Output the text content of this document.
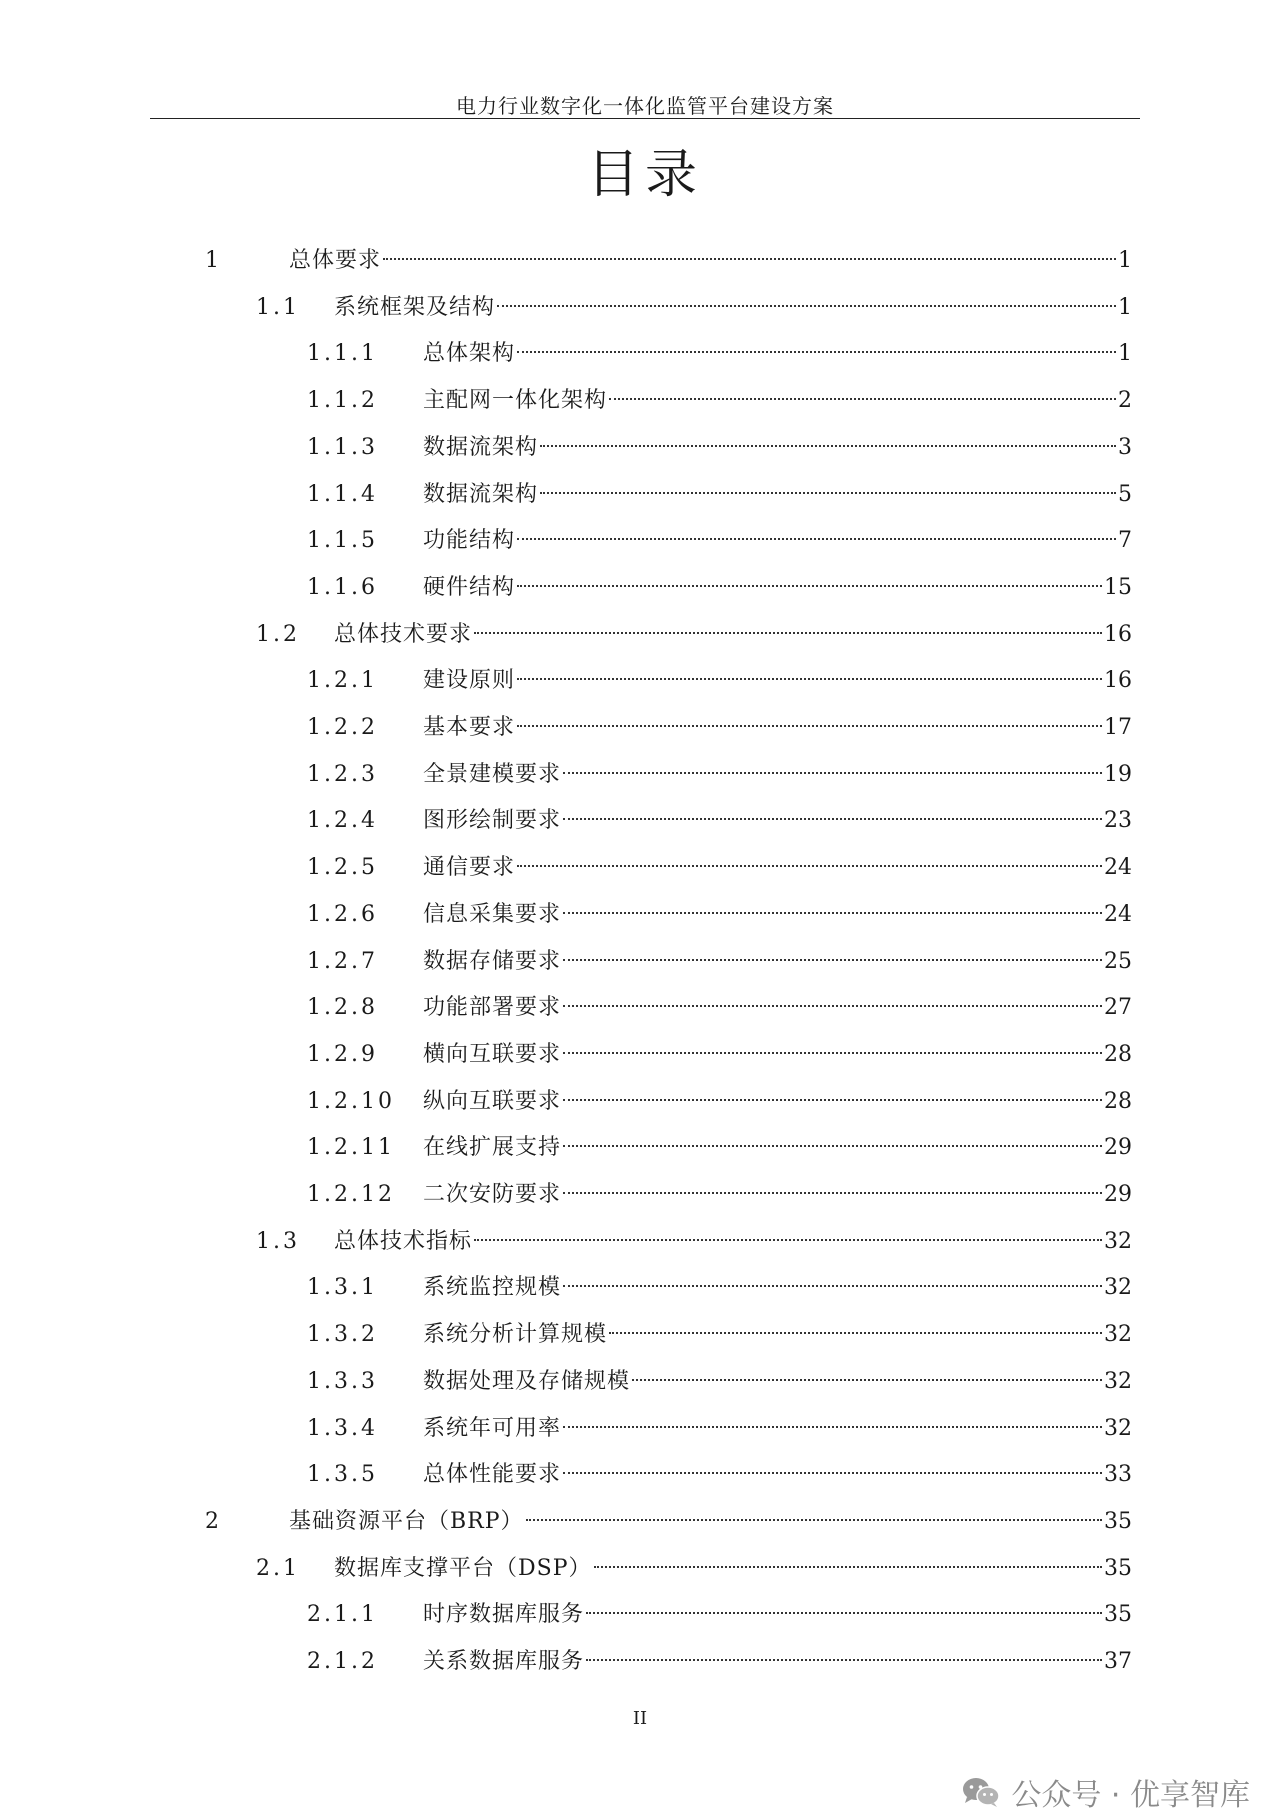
电力行业数字化一体化监管平台建设方案
目录
1	总体要求	1
1.1 系统框架及结构	1
1.1.1 总体架构	1
1.1.2 主配网一体化架构	2
1.1.3 数据流架构	3
1.1.4 数据流架构	5
1.1.5 功能结构	7
1.1.6 硬件结构	15
1.2 总体技术要求	16
1.2.1 建设原则	16
1.2.2 基本要求	17
1.2.3 全景建模要求	19
1.2.4 图形绘制要求	23
1.2.5 通信要求	24
1.2.6 信息采集要求	24
1.2.7 数据存储要求	25
1.2.8 功能部署要求	27
1.2.9 横向互联要求	28
1.2.10 纵向互联要求	28
1.2.11 在线扩展支持	29
1.2.12 二次安防要求	29
1.3 总体技术指标	32
1.3.1 系统监控规模	32
1.3.2 系统分析计算规模	32
1.3.3 数据处理及存储规模	32
1.3.4 系统年可用率	32
1.3.5 总体性能要求	33
2	基础资源平台（BRP）	35
2.1 数据库支撑平台（DSP）	35
2.1.1 时序数据库服务	35
2.1.2 关系数据库服务	37
II
公众号 · 优享智库
